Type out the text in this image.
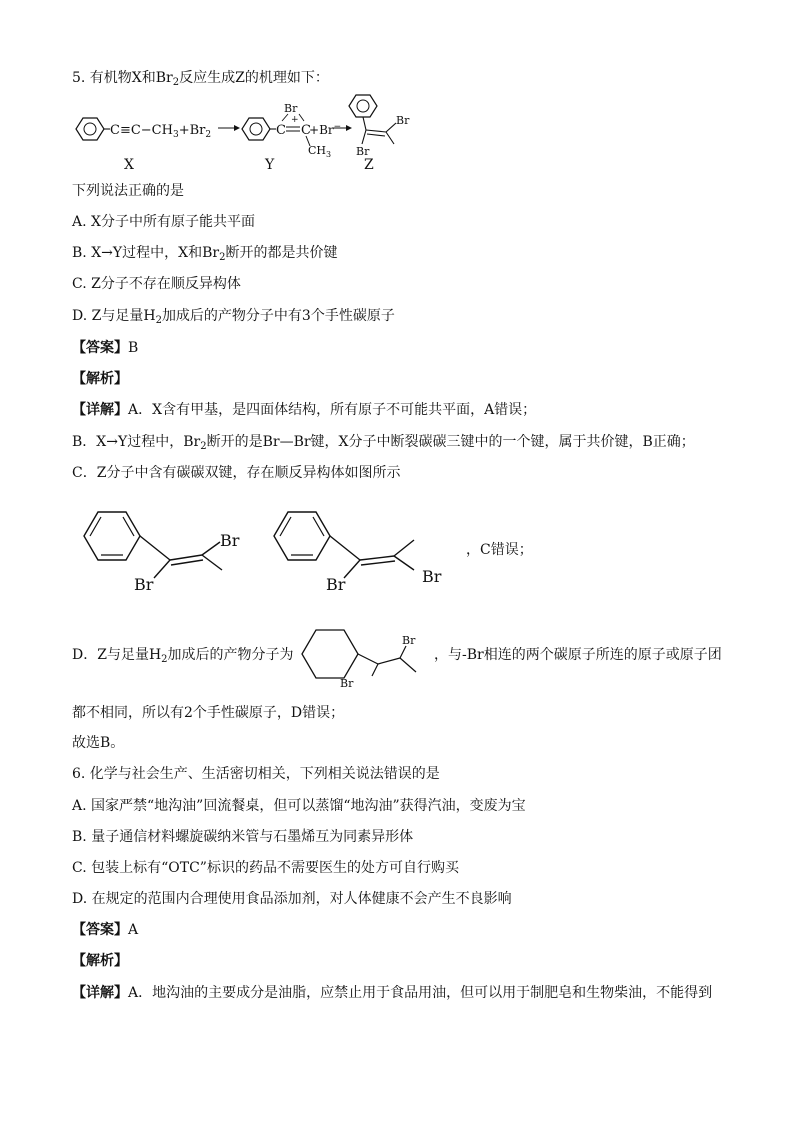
5. 有机物X和$Br_2$反应生成Z的机理如下：
$C\equiv C-CH_3+Br_2$	C C
+Br−
Br
+
$CH_3$
Br
Br
X	Y	Z
下列说法正确的是
A. X分子中所有原子能共平面
B. X→Y过程中，X和$Br_2$断开的都是共价键
C. Z分子不存在顺反异构体
D. Z与足量$H_2$加成后的产物分子中有3个手性碳原子
【答案】B
【解析】
【详解】A．X含有甲基，是四面体结构，所有原子不可能共平面，A错误；
B．X→Y过程中，$Br_2$断开的是Br—Br键，X分子中断裂碳碳三键中的一个键，属于共价键，B正确；
C．Z分子中含有碳碳双键，存在顺反异构体如图所示
Br
Br	Br
Br
，C错误；
D．Z与足量$H_2$加成后的产物分子为
Br
Br
，与-Br相连的两个碳原子所连的原子或原子团
都不相同，所以有2个手性碳原子，D错误；
故选B。
6. 化学与社会生产、生活密切相关，下列相关说法错误的是
A. 国家严禁“地沟油”回流餐桌，但可以蒸馏“地沟油”获得汽油，变废为宝
B. 量子通信材料螺旋碳纳米管与石墨烯互为同素异形体
C. 包装上标有“OTC”标识的药品不需要医生的处方可自行购买
D. 在规定的范围内合理使用食品添加剂，对人体健康不会产生不良影响
【答案】A
【解析】
【详解】A．地沟油的主要成分是油脂，应禁止用于食品用油，但可以用于制肥皂和生物柴油，不能得到
